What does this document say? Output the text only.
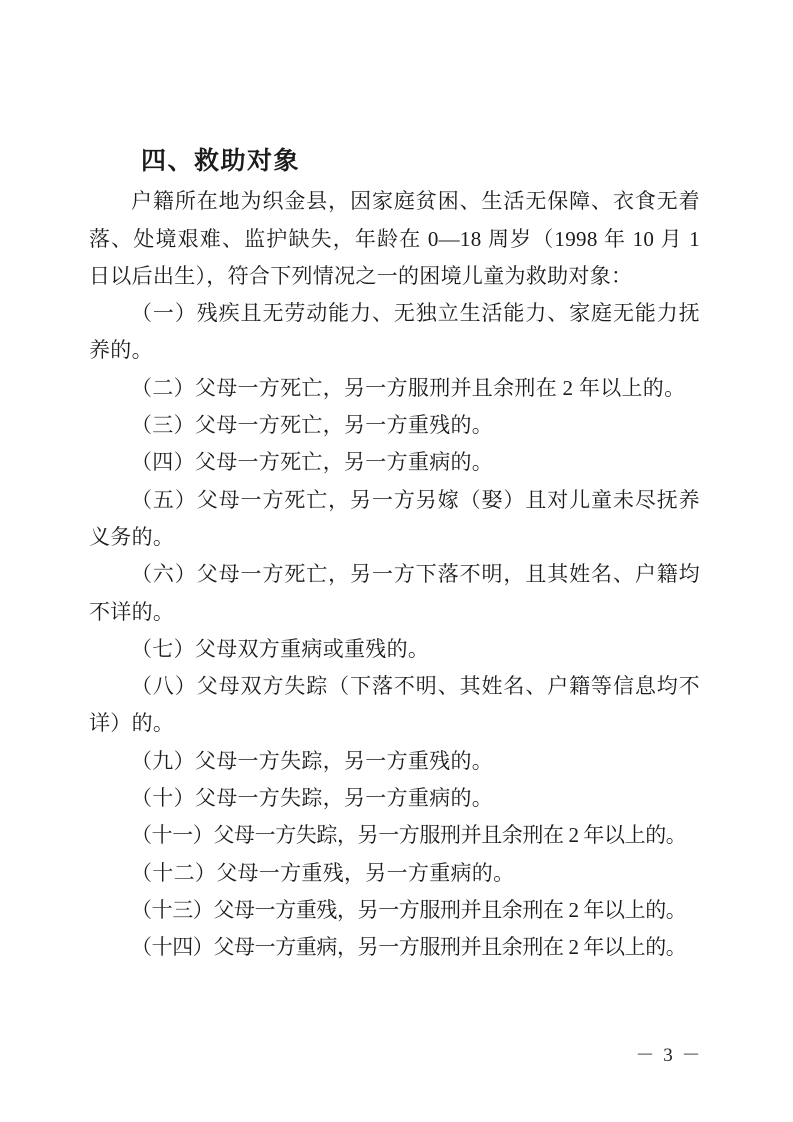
四、救助对象

户籍所在地为织金县，因家庭贫困、生活无保障、衣食无着落、处境艰难、监护缺失，年龄在 0—18 周岁（1998 年 10 月 1 日以后出生），符合下列情况之一的困境儿童为救助对象：

（一）残疾且无劳动能力、无独立生活能力、家庭无能力抚养的。

（二）父母一方死亡，另一方服刑并且余刑在 2 年以上的。

（三）父母一方死亡，另一方重残的。

（四）父母一方死亡，另一方重病的。

（五）父母一方死亡，另一方另嫁（娶）且对儿童未尽抚养义务的。

（六）父母一方死亡，另一方下落不明，且其姓名、户籍均不详的。

（七）父母双方重病或重残的。

（八）父母双方失踪（下落不明、其姓名、户籍等信息均不详）的。

（九）父母一方失踪，另一方重残的。

（十）父母一方失踪，另一方重病的。

（十一）父母一方失踪，另一方服刑并且余刑在 2 年以上的。

（十二）父母一方重残，另一方重病的。

（十三）父母一方重残，另一方服刑并且余刑在 2 年以上的。

（十四）父母一方重病，另一方服刑并且余刑在 2 年以上的。

－ 3 －
